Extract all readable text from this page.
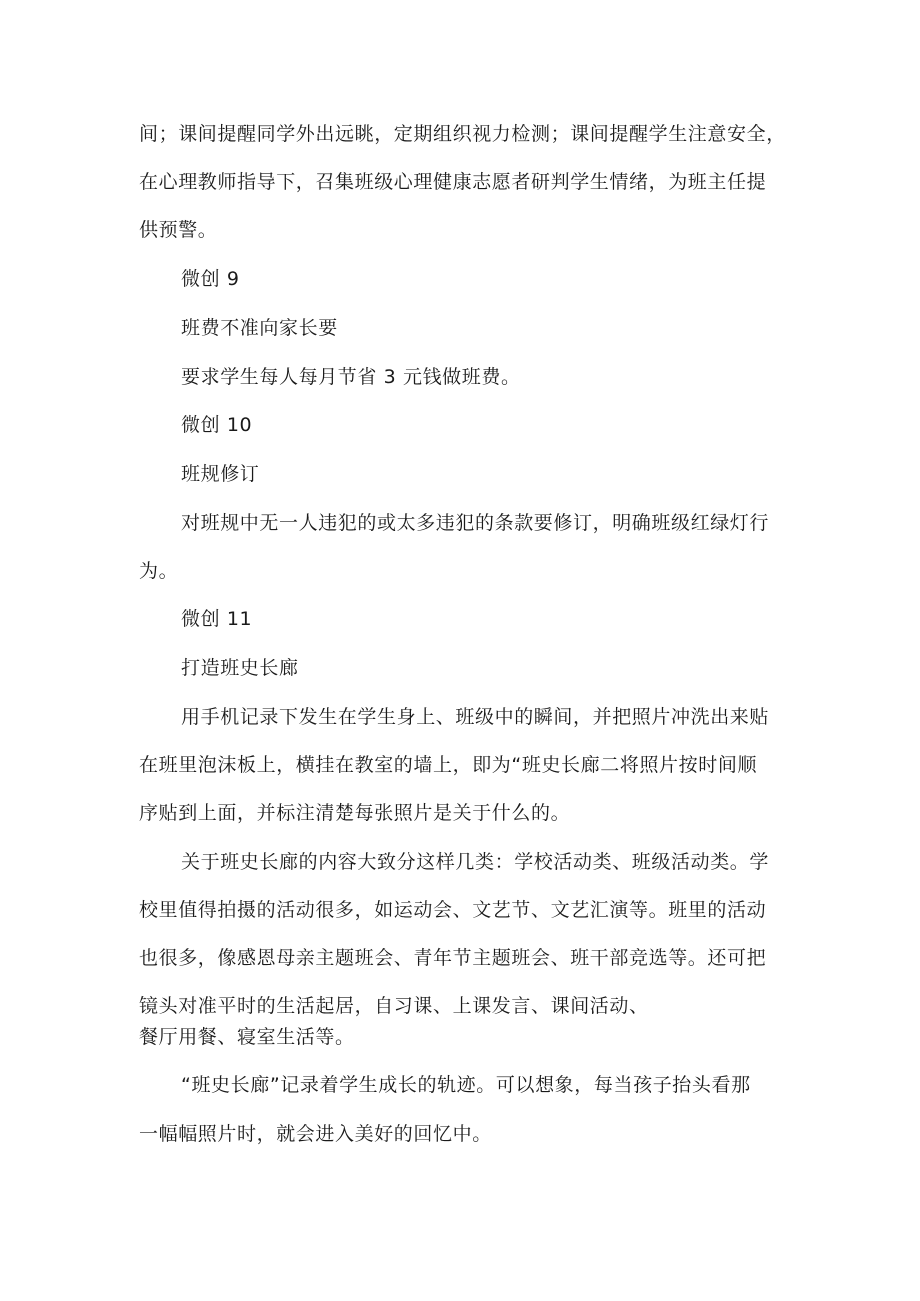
间；课间提醒同学外出远眺，定期组织视力检测；课间提醒学生注意安全，
在心理教师指导下，召集班级心理健康志愿者研判学生情绪，为班主任提
供预警。
微创 9
班费不准向家长要
要求学生每人每月节省 3 元钱做班费。
微创 10
班规修订
对班规中无一人违犯的或太多违犯的条款要修订，明确班级红绿灯行
为。
微创 11
打造班史长廊
用手机记录下发生在学生身上、班级中的瞬间，并把照片冲洗出来贴
在班里泡沫板上，横挂在教室的墙上，即为“班史长廊二将照片按时间顺
序贴到上面，并标注清楚每张照片是关于什么的。
关于班史长廊的内容大致分这样几类：学校活动类、班级活动类。学
校里值得拍摄的活动很多，如运动会、文艺节、文艺汇演等。班里的活动
也很多，像感恩母亲主题班会、青年节主题班会、班干部竞选等。还可把
镜头对准平时的生活起居，自习课、上课发言、课间活动、
餐厅用餐、寝室生活等。
“班史长廊”记录着学生成长的轨迹。可以想象，每当孩子抬头看那
一幅幅照片时，就会进入美好的回忆中。
